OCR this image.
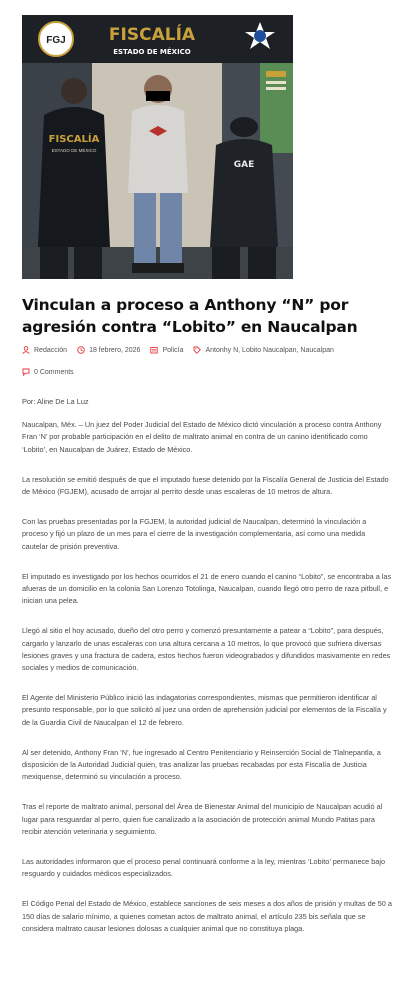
FGJ	FISCALÍA
ESTADO DE MÉXICO
FISCALÍA
ESTADO DE MÉXICO
GAE
Vinculan a proceso a Anthony “N” por agresión contra “Lobito” en Naucalpan
Redacción	18 febrero, 2026	Policía	Antonhy N, Lobito Naucalpan, Naucalpan
0 Comments

Por: Aline De La Luz

Naucalpan, Méx. – Un juez del Poder Judicial del Estado de México dictó vinculación a proceso contra Anthony Fran ‘N’ por probable participación en el delito de maltrato animal en contra de un canino identificado como ‘Lobito’, en Naucalpan de Juárez, Estado de México.

La resolución se emitió después de que el imputado fuese detenido por la Fiscalía General de Justicia del Estado de México (FGJEM), acusado de arrojar al perrito desde unas escaleras de 10 metros de altura.

Con las pruebas presentadas por la FGJEM, la autoridad judicial de Naucalpan, determinó la vinculación a proceso y fijó un plazo de un mes para el cierre de la investigación complementaria, así como una medida cautelar de prisión preventiva.

El imputado es investigado por los hechos ocurridos el 21 de enero cuando el canino “Lobito”, se encontraba a las afueras de un domicilio en la colonia San Lorenzo Totolinga, Naucalpan, cuando llegó otro perro de raza pitbull, e inician una pelea.

Llegó al sitio el hoy acusado, dueño del otro perro y comenzó presuntamente a patear a “Lobito”, para después, cargarlo y lanzarlo de unas escaleras con una altura cercana a 10 metros, lo que provocó que sufriera diversas lesiones graves y una fractura de cadera, estos hechos fueron videograbados y difundidos masivamente en redes sociales y medios de comunicación.

El Agente del Ministerio Público inició las indagatorias correspondientes, mismas que permitieron identificar al presunto responsable, por lo que solicitó al juez una orden de aprehensión judicial por elementos de la Fiscalía y de la Guardia Civil de Naucalpan el 12 de febrero.

Al ser detenido, Anthony Fran ‘N’, fue ingresado al Centro Penitenciario y Reinserción Social de Tlalnepantla, a disposición de la Autoridad Judicial quien, tras analizar las pruebas recabadas por esta Fiscalía de Justicia mexiquense, determinó su vinculación a proceso.

Tras el reporte de maltrato animal, personal del Área de Bienestar Animal del municipio de Naucalpan acudió al lugar para resguardar al perro, quien fue canalizado a la asociación de protección animal Mundo Patitas para recibir atención veterinaria y seguimiento.

Las autoridades informaron que el proceso penal continuará conforme a la ley, mientras ‘Lobito’ permanece bajo resguardo y cuidados médicos especializados.

El Código Penal del Estado de México, establece sanciones de seis meses a dos años de prisión y multas de 50 a 150 días de salario mínimo, a quienes cometan actos de maltrato animal, el artículo 235 bis señala que se considera maltrato causar lesiones dolosas a cualquier animal que no constituya plaga.
